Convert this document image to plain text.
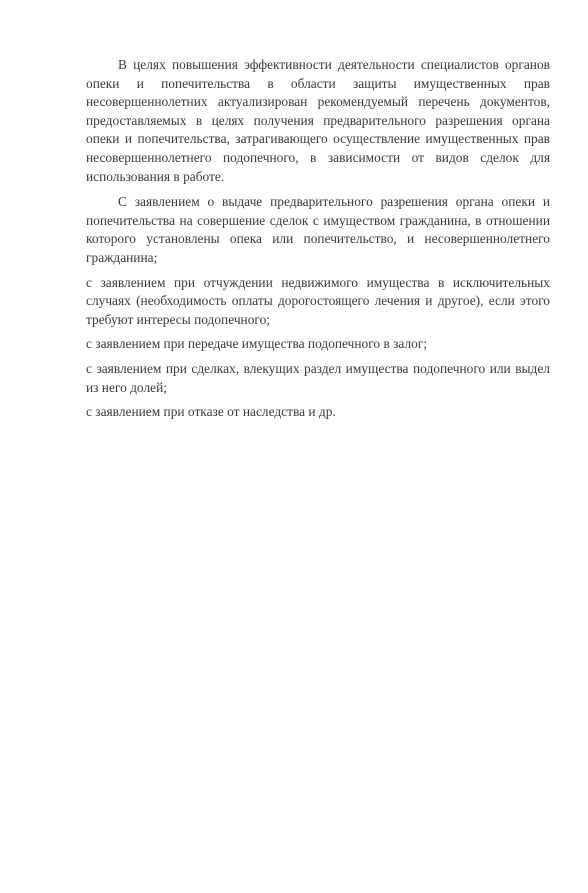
В целях повышения эффективности деятельности специалистов органов опеки и попечительства в области защиты имущественных прав несовершеннолетних актуализирован рекомендуемый перечень документов, предоставляемых в целях получения предварительного разрешения органа опеки и попечительства, затрагивающего осуществление имущественных прав несовершеннолетнего подопечного, в зависимости от видов сделок для использования в работе.

С заявлением о выдаче предварительного разрешения органа опеки и попечительства на совершение сделок с имуществом гражданина, в отношении которого установлены опека или попечительство, и несовершеннолетнего гражданина;

с заявлением при отчуждении недвижимого имущества в исключительных случаях (необходимость оплаты дорогостоящего лечения и другое), если этого требуют интересы подопечного;

с заявлением при передаче имущества подопечного в залог;

с заявлением при сделках, влекущих раздел имущества подопечного или выдел из него долей;

с заявлением при отказе от наследства и др.
